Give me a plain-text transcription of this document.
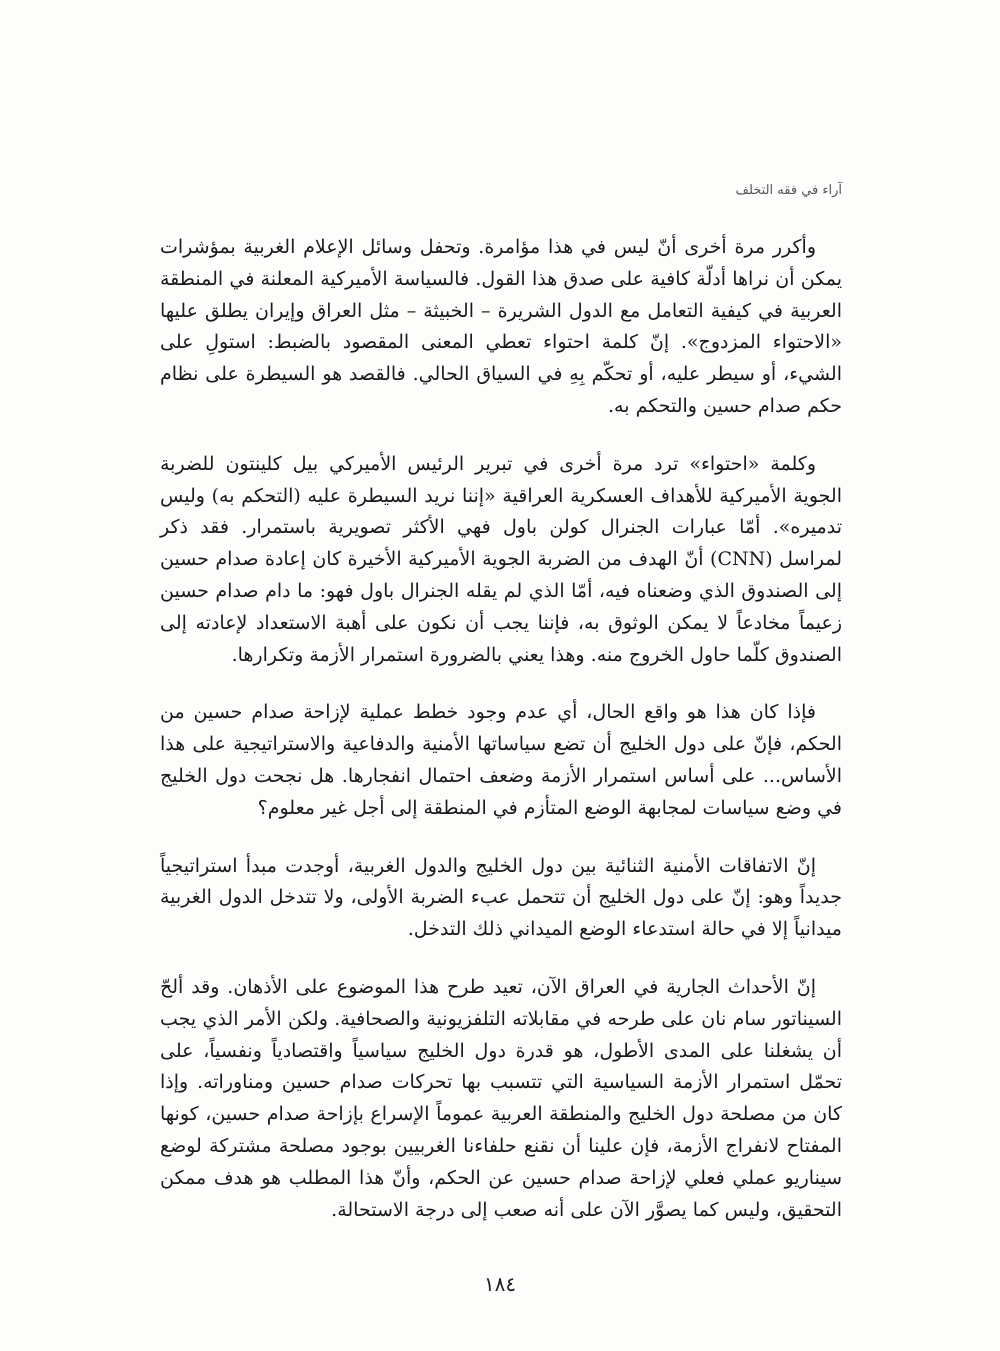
آراء في فقه التخلف

وأكرر مرة أخرى أنّ ليس في هذا مؤامرة. وتحفل وسائل الإعلام الغربية بمؤشرات يمكن أن نراها أدلّة كافية على صدق هذا القول. فالسياسة الأميركية المعلنة في المنطقة العربية في كيفية التعامل مع الدول الشريرة – الخبيثة – مثل العراق وإيران يطلق عليها «الاحتواء المزدوج». إنّ كلمة احتواء تعطي المعنى المقصود بالضبط: استولِ على الشيء، أو سيطر عليه، أو تحكّم بِهِ في السياق الحالي. فالقصد هو السيطرة على نظام حكم صدام حسين والتحكم به.

وكلمة «احتواء» ترد مرة أخرى في تبرير الرئيس الأميركي بيل كلينتون للضربة الجوية الأميركية للأهداف العسكرية العراقية «إننا نريد السيطرة عليه (التحكم به) وليس تدميره». أمّا عبارات الجنرال كولن باول فهي الأكثر تصويرية باستمرار. فقد ذكر لمراسل (CNN) أنّ الهدف من الضربة الجوية الأميركية الأخيرة كان إعادة صدام حسين إلى الصندوق الذي وضعناه فيه، أمّا الذي لم يقله الجنرال باول فهو: ما دام صدام حسين زعيماً مخادعاً لا يمكن الوثوق به، فإننا يجب أن نكون على أهبة الاستعداد لإعادته إلى الصندوق كلّما حاول الخروج منه. وهذا يعني بالضرورة استمرار الأزمة وتكرارها.

فإذا كان هذا هو واقع الحال، أي عدم وجود خطط عملية لإزاحة صدام حسين من الحكم، فإنّ على دول الخليج أن تضع سياساتها الأمنية والدفاعية والاستراتيجية على هذا الأساس... على أساس استمرار الأزمة وضعف احتمال انفجارها. هل نجحت دول الخليج في وضع سياسات لمجابهة الوضع المتأزم في المنطقة إلى أجل غير معلوم؟

إنّ الاتفاقات الأمنية الثنائية بين دول الخليج والدول الغربية، أوجدت مبدأ استراتيجياً جديداً وهو: إنّ على دول الخليج أن تتحمل عبء الضربة الأولى، ولا تتدخل الدول الغربية ميدانياً إلا في حالة استدعاء الوضع الميداني ذلك التدخل.

إنّ الأحداث الجارية في العراق الآن، تعيد طرح هذا الموضوع على الأذهان. وقد ألحّ السيناتور سام نان على طرحه في مقابلاته التلفزيونية والصحافية. ولكن الأمر الذي يجب أن يشغلنا على المدى الأطول، هو قدرة دول الخليج سياسياً واقتصادياً ونفسياً، على تحمّل استمرار الأزمة السياسية التي تتسبب بها تحركات صدام حسين ومناوراته. وإذا كان من مصلحة دول الخليج والمنطقة العربية عموماً الإسراع بإزاحة صدام حسين، كونها المفتاح لانفراج الأزمة، فإن علينا أن نقنع حلفاءنا الغربيين بوجود مصلحة مشتركة لوضع سيناريو عملي فعلي لإزاحة صدام حسين عن الحكم، وأنّ هذا المطلب هو هدف ممكن التحقيق، وليس كما يصوَّر الآن على أنه صعب إلى درجة الاستحالة.

١٨٤
